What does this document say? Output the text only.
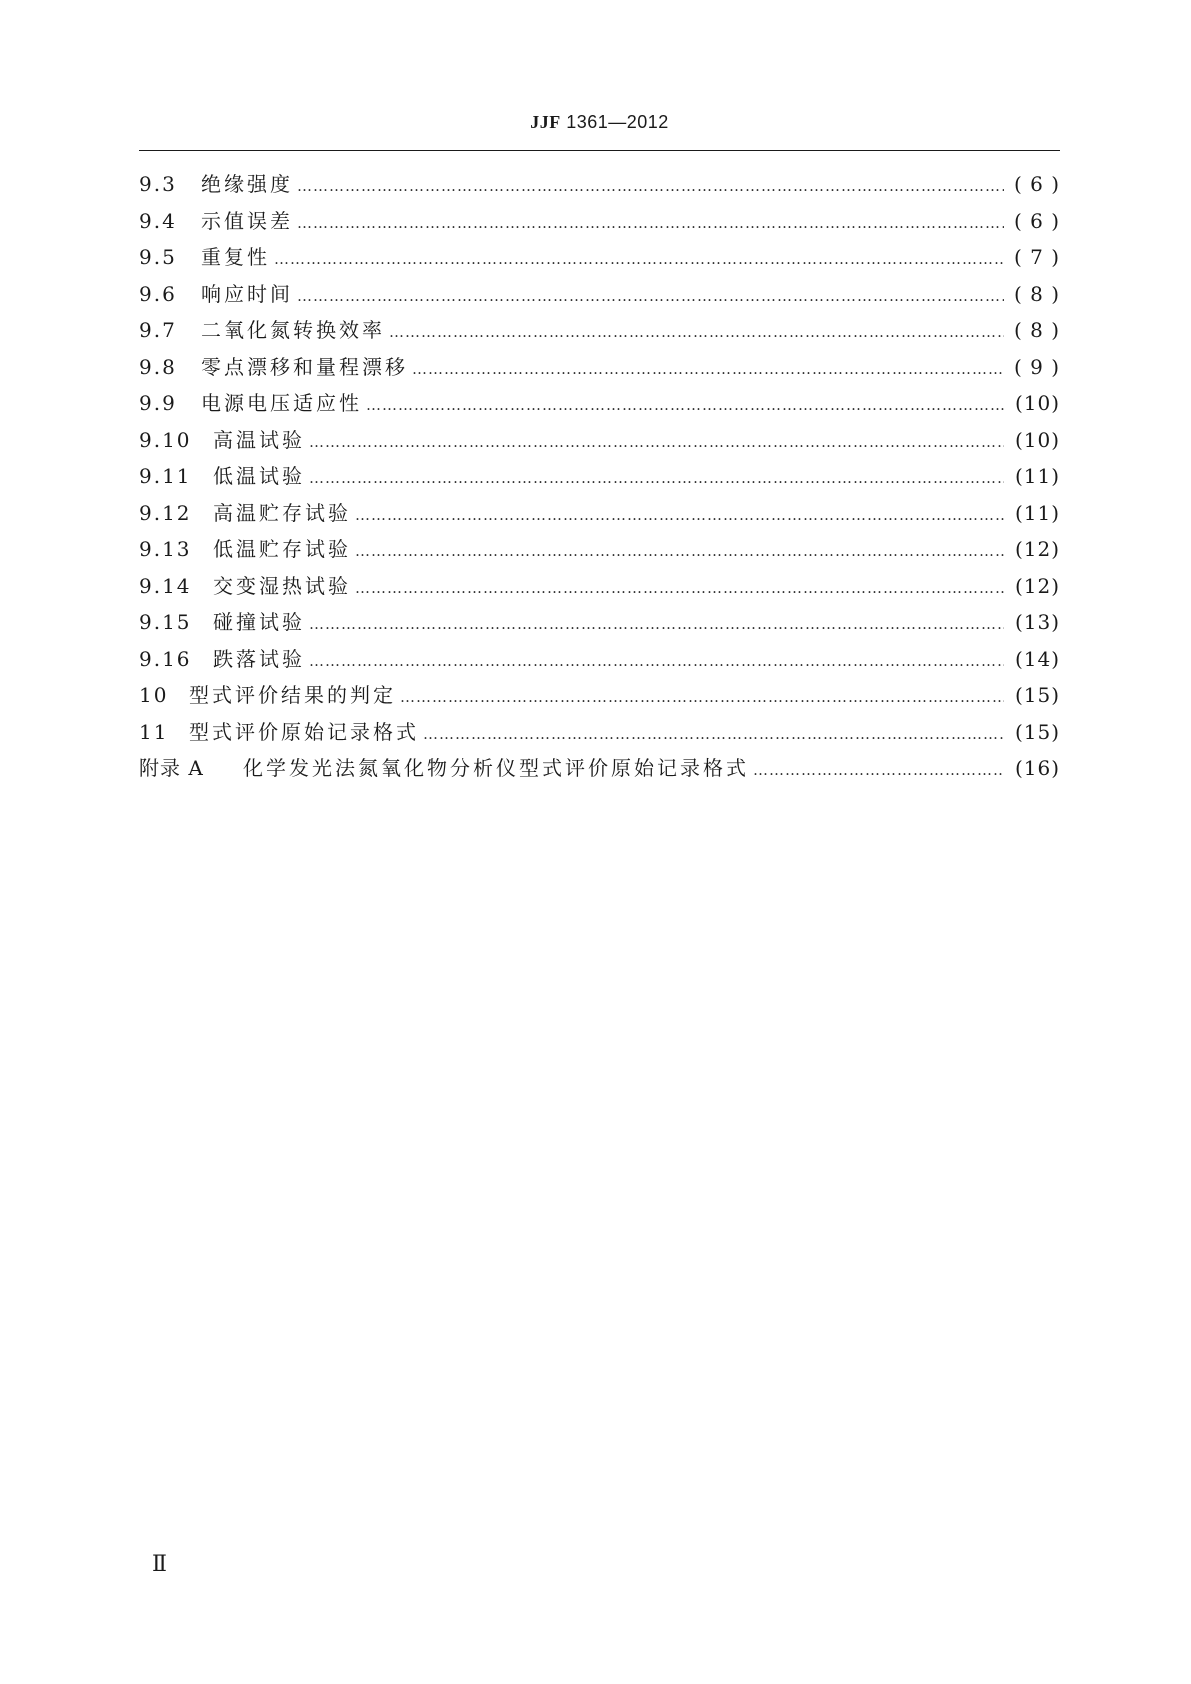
JJF 1361—2012
9.3	绝缘强度 …………………………………………………………………………………………………………………………………………………………………………………	( 6 )
9.4	示值误差 …………………………………………………………………………………………………………………………………………………………………………………	( 6 )
9.5	重复性 …………………………………………………………………………………………………………………………………………………………………………………	( 7 )
9.6	响应时间 …………………………………………………………………………………………………………………………………………………………………………………	( 8 )
9.7	二氧化氮转换效率 …………………………………………………………………………………………………………………………………………………………………………………	( 8 )
9.8	零点漂移和量程漂移 …………………………………………………………………………………………………………………………………………………………………………………	( 9 )
9.9	电源电压适应性 …………………………………………………………………………………………………………………………………………………………………………………	(10)
9.10	高温试验 …………………………………………………………………………………………………………………………………………………………………………………	(10)
9.11	低温试验 …………………………………………………………………………………………………………………………………………………………………………………	(11)
9.12	高温贮存试验 …………………………………………………………………………………………………………………………………………………………………………………	(11)
9.13	低温贮存试验 …………………………………………………………………………………………………………………………………………………………………………………	(12)
9.14	交变湿热试验 …………………………………………………………………………………………………………………………………………………………………………………	(12)
9.15	碰撞试验 …………………………………………………………………………………………………………………………………………………………………………………	(13)
9.16	跌落试验 …………………………………………………………………………………………………………………………………………………………………………………	(14)
10	型式评价结果的判定 …………………………………………………………………………………………………………………………………………………………………………………	(15)
11	型式评价原始记录格式 …………………………………………………………………………………………………………………………………………………………………………………	(15)
附录 A	化学发光法氮氧化物分析仪型式评价原始记录格式 …………………………………………………………………………………………………………………………………………………………………………………	(16)
Ⅱ
